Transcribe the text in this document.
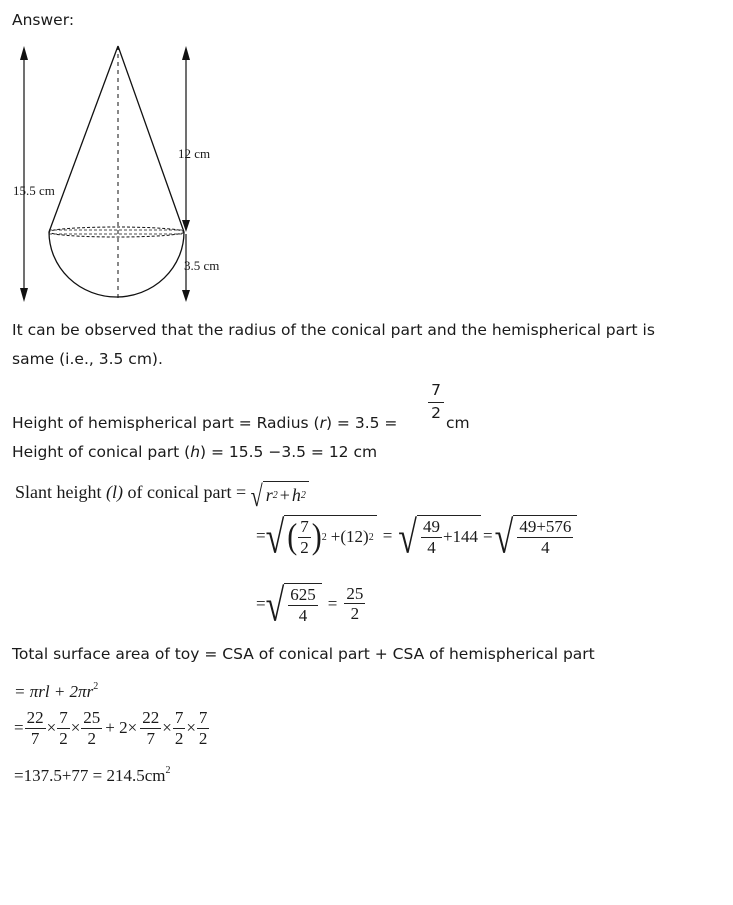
Answer:
15.5 cm
12 cm
3.5 cm
It can be observed that the radius of the conical part and the hemispherical part is
same (i.e., 3.5 cm).
Height of hemispherical part = Radius (r) = 3.5 =
7
2
cm
Height of conical part (h) = 15.5 −3.5 = 12 cm
Slant height (l) of conical part = √ r 2 + h 2
= √ ( $\frac{7}{2}$ ) 2 + (12) 2 = √ $\frac{49}{4} +144$ = √ $\frac{49+576}{4}$
= √ $\frac{625}{4} = \frac{25}{2}$
Total surface area of toy = CSA of conical part + CSA of hemispherical part
= $\pi rl + 2\pi r^2$
= $\frac{22}{7} \times \frac{7}{2} \times \frac{25}{2} + 2\times \frac{22}{7} \times \frac{7}{2} \times \frac{7}{2}$
$=137.5+77 = 214.5cm^2$
